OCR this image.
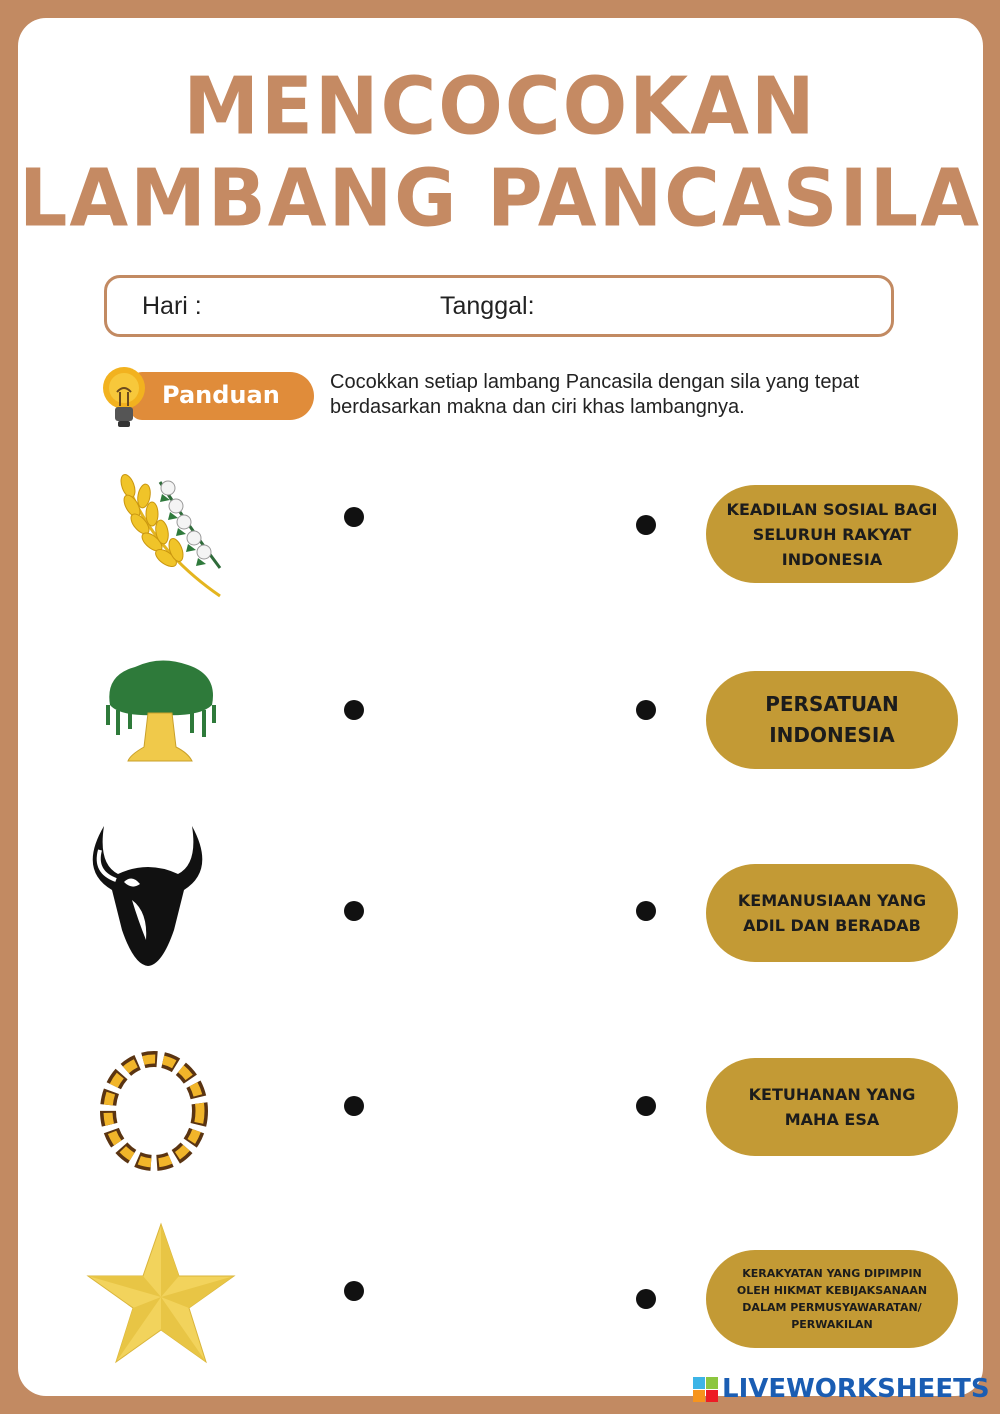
MENCOCOKAN
LAMBANG PANCASILA
Hari :	Tanggal:
Panduan	Cocokkan setiap lambang Pancasila dengan sila yang tepat berdasarkan makna dan ciri khas lambangnya.
KEADILAN SOSIAL BAGI SELURUH RAKYAT INDONESIA
PERSATUAN INDONESIA
KEMANUSIAAN YANG ADIL DAN BERADAB
KETUHANAN YANG MAHA ESA
KERAKYATAN YANG DIPIMPIN OLEH HIKMAT KEBIJAKSANAAN DALAM PERMUSYAWARATAN/ PERWAKILAN
LIVEWORKSHEETS
